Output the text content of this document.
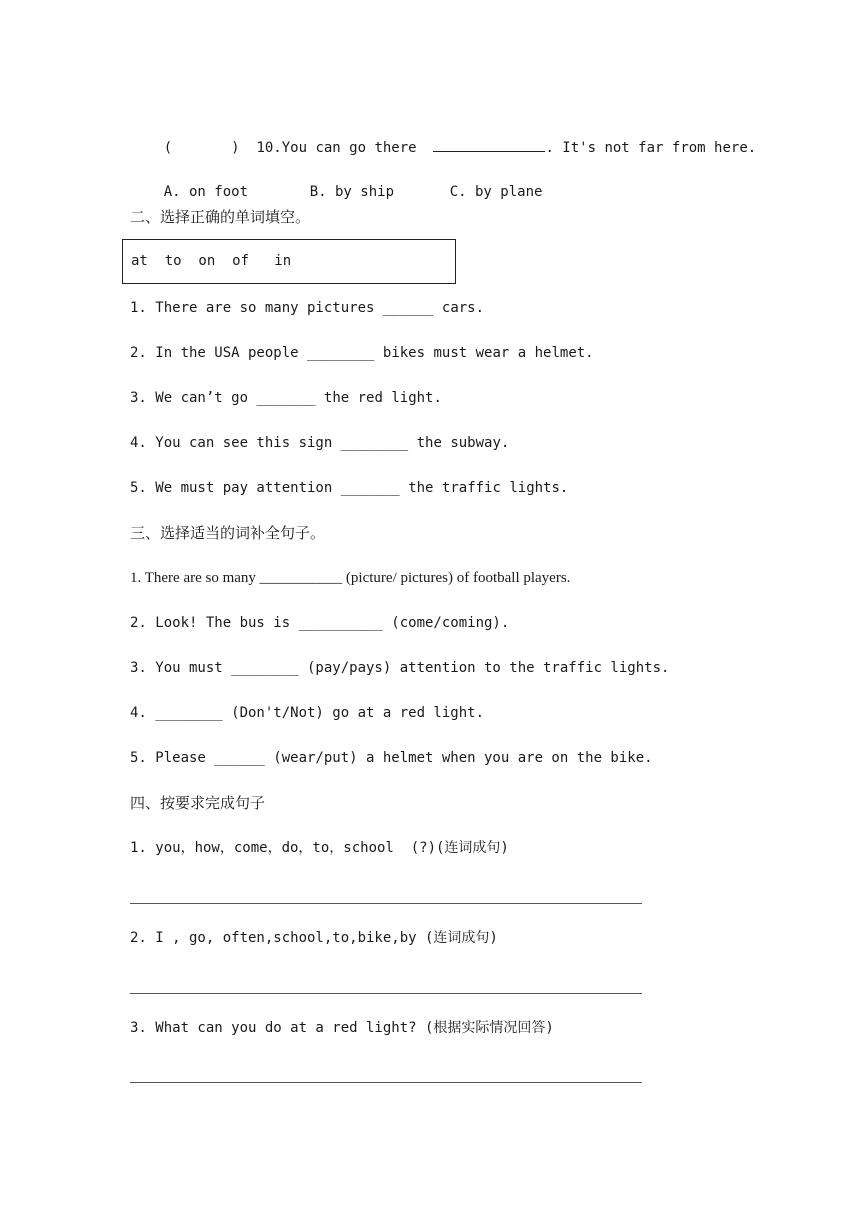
(       ) 10.You can go there	. It's not far from here.

A. on foot	B. by ship	C. by plane

二、选择正确的单词填空。
at  to  on  of   in
1. There are so many pictures ______ cars.
2. In the USA people ________ bikes must wear a helmet.
3. We can’t go _______ the red light.
4. You can see this sign ________ the subway.
5. We must pay attention _______ the traffic lights.
三、选择适当的词补全句子。
1. There are so many ___________ (picture/ pictures) of football players.
2. Look! The bus is __________ (come/coming).
3. You must ________ (pay/pays) attention to the traffic lights.
4. ________ (Don't/Not) go at a red light.
5. Please ______ (wear/put) a helmet when you are on the bike.
四、按要求完成句子
1. you，how，come，do，to，school  (?)(连词成句)
2. I , go, often,school,to,bike,by (连词成句)
3. What can you do at a red light? (根据实际情况回答)
